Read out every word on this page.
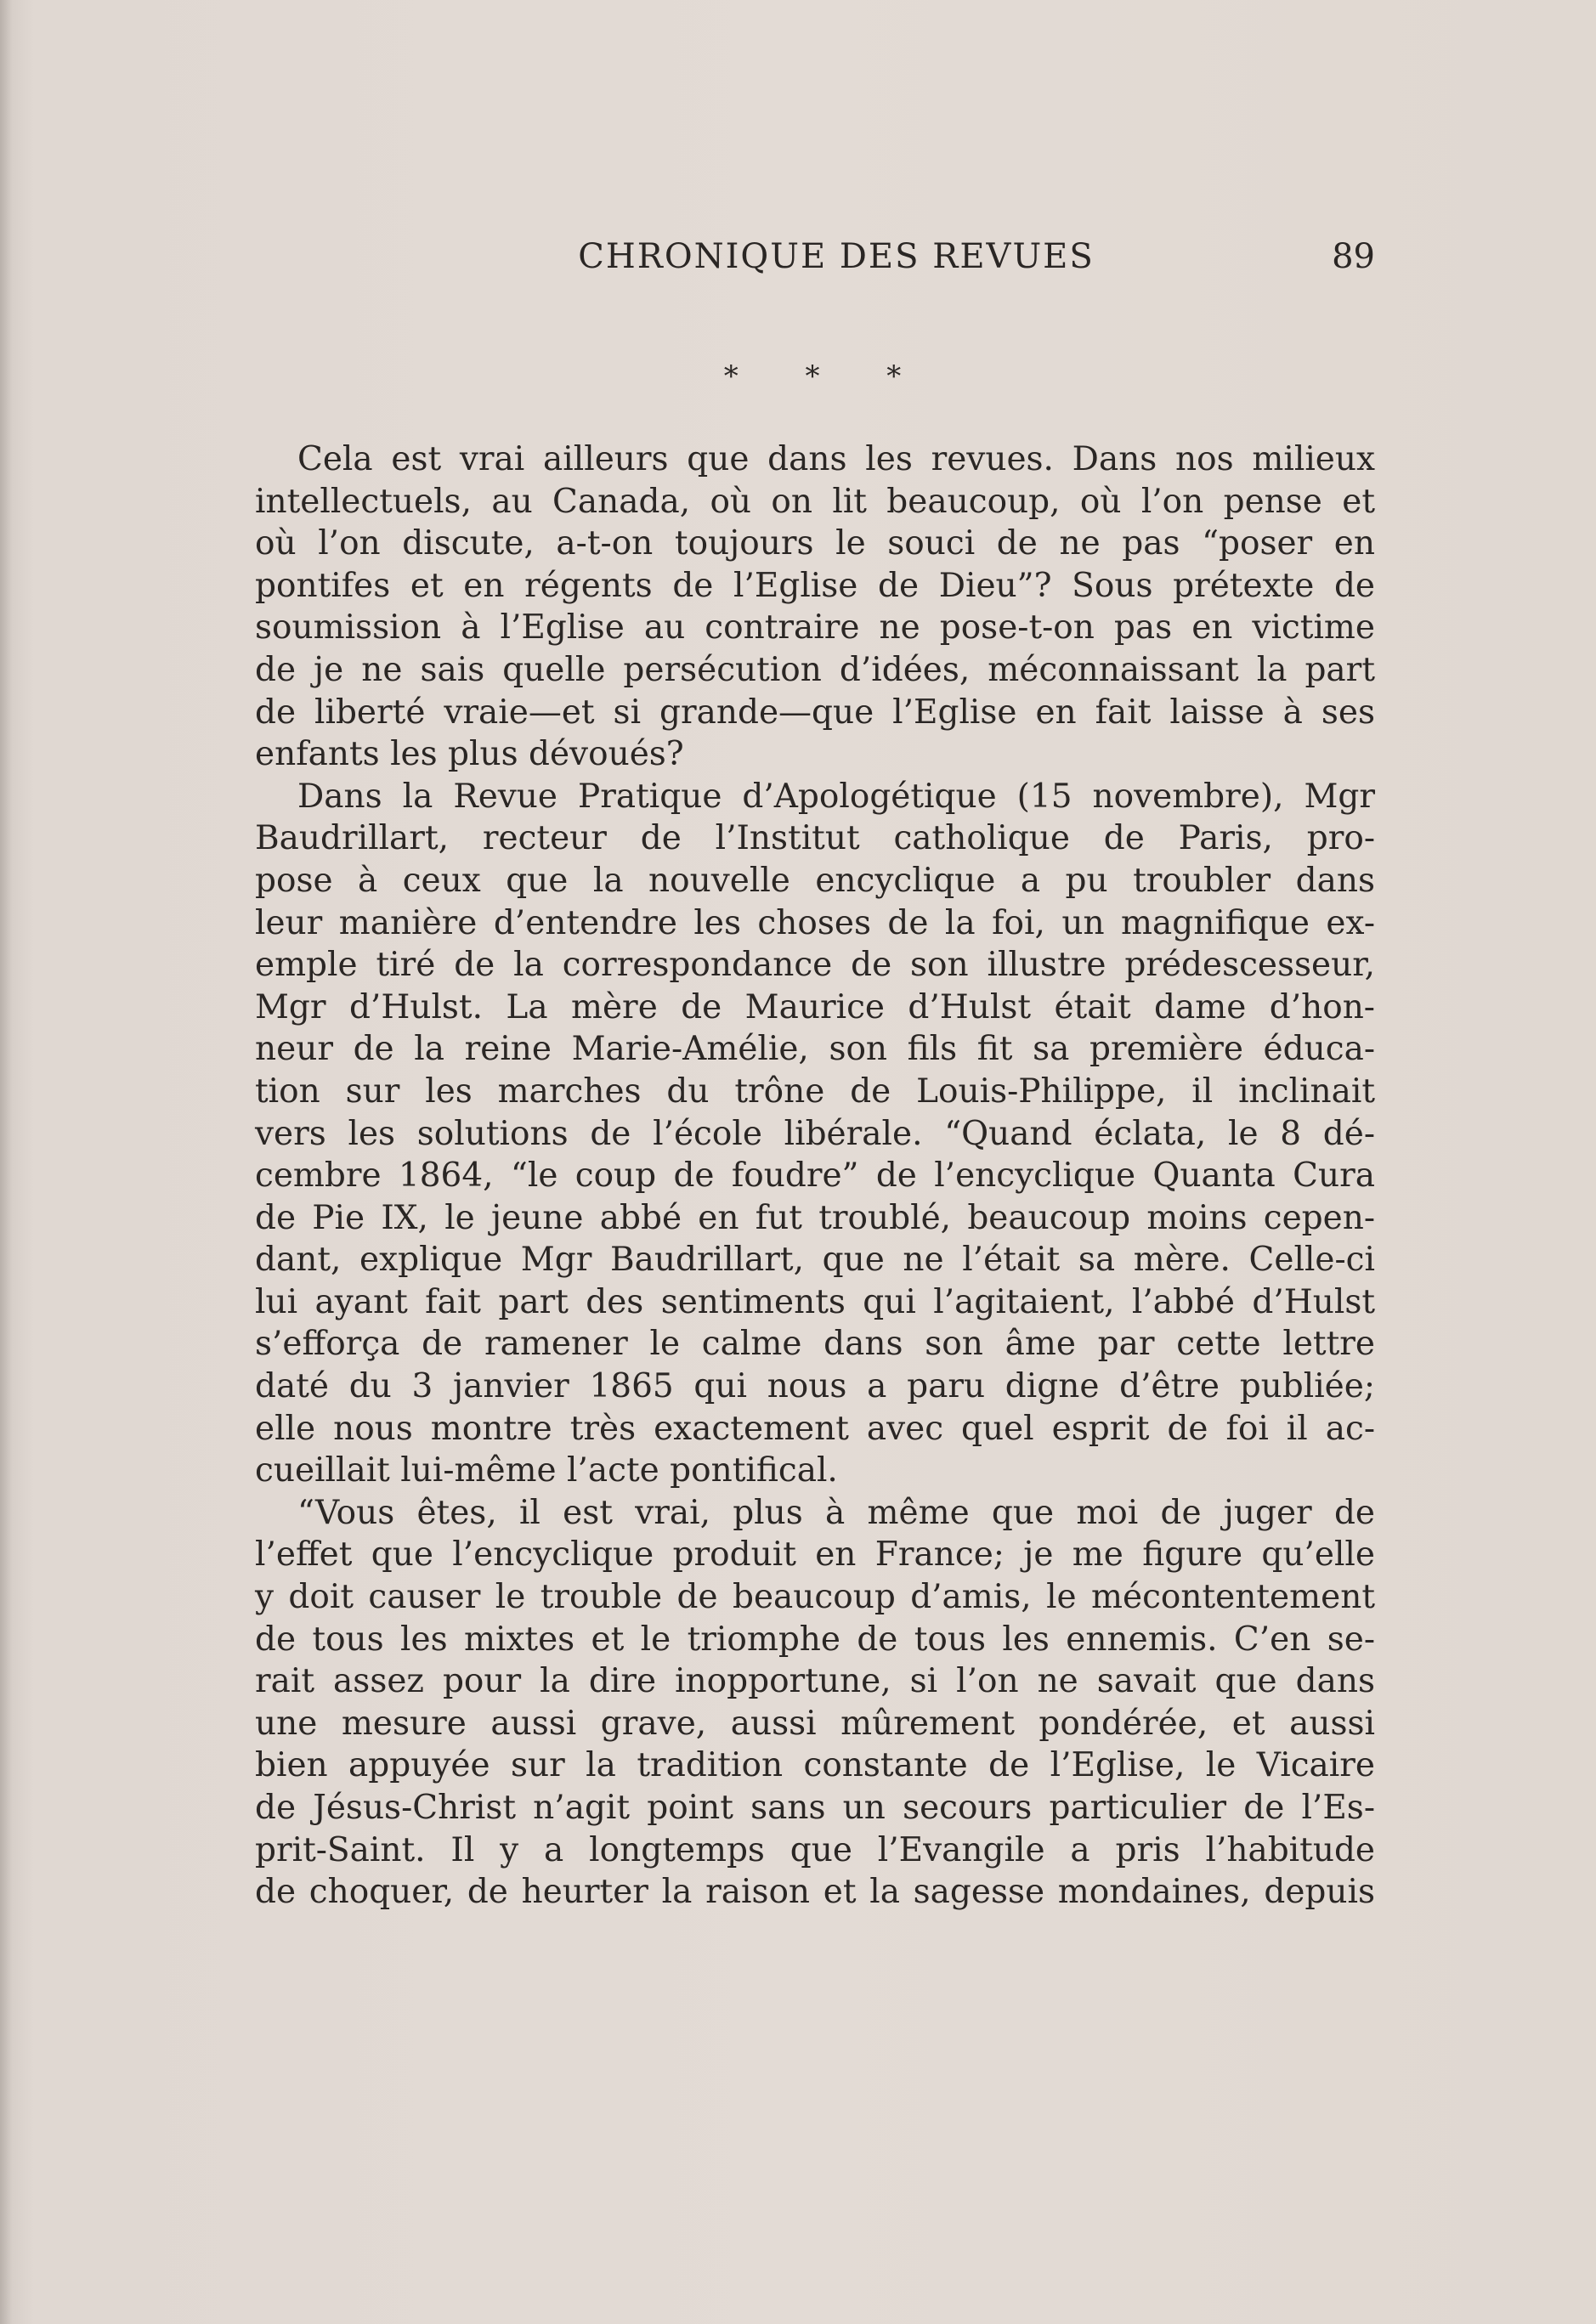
CHRONIQUE DES REVUES	89
* * *
Cela est vrai ailleurs que dans les revues. Dans nos milieux
intellectuels, au Canada, où on lit beaucoup, où l’on pense et
où l’on discute, a-t-on toujours le souci de ne pas “poser en
pontifes et en régents de l’Eglise de Dieu”? Sous prétexte de
soumission à l’Eglise au contraire ne pose-t-on pas en victime
de je ne sais quelle persécution d’idées, méconnaissant la part
de liberté vraie—et si grande—que l’Eglise en fait laisse à ses
enfants les plus dévoués?
Dans la Revue Pratique d’Apologétique (15 novembre), Mgr
Baudrillart, recteur de l’Institut catholique de Paris, pro-
pose à ceux que la nouvelle encyclique a pu troubler dans
leur manière d’entendre les choses de la foi, un magnifique ex-
emple tiré de la correspondance de son illustre prédescesseur,
Mgr d’Hulst. La mère de Maurice d’Hulst était dame d’hon-
neur de la reine Marie-Amélie, son fils fit sa première éduca-
tion sur les marches du trône de Louis-Philippe, il inclinait
vers les solutions de l’école libérale. “Quand éclata, le 8 dé-
cembre 1864, “le coup de foudre” de l’encyclique Quanta Cura
de Pie IX, le jeune abbé en fut troublé, beaucoup moins cepen-
dant, explique Mgr Baudrillart, que ne l’était sa mère. Celle-ci
lui ayant fait part des sentiments qui l’agitaient, l’abbé d’Hulst
s’efforça de ramener le calme dans son âme par cette lettre
daté du 3 janvier 1865 qui nous a paru digne d’être publiée;
elle nous montre très exactement avec quel esprit de foi il ac-
cueillait lui-même l’acte pontifical.
“Vous êtes, il est vrai, plus à même que moi de juger de
l’effet que l’encyclique produit en France; je me figure qu’elle
y doit causer le trouble de beaucoup d’amis, le mécontentement
de tous les mixtes et le triomphe de tous les ennemis. C’en se-
rait assez pour la dire inopportune, si l’on ne savait que dans
une mesure aussi grave, aussi mûrement pondérée, et aussi
bien appuyée sur la tradition constante de l’Eglise, le Vicaire
de Jésus-Christ n’agit point sans un secours particulier de l’Es-
prit-Saint. Il y a longtemps que l’Evangile a pris l’habitude
de choquer, de heurter la raison et la sagesse mondaines, depuis
